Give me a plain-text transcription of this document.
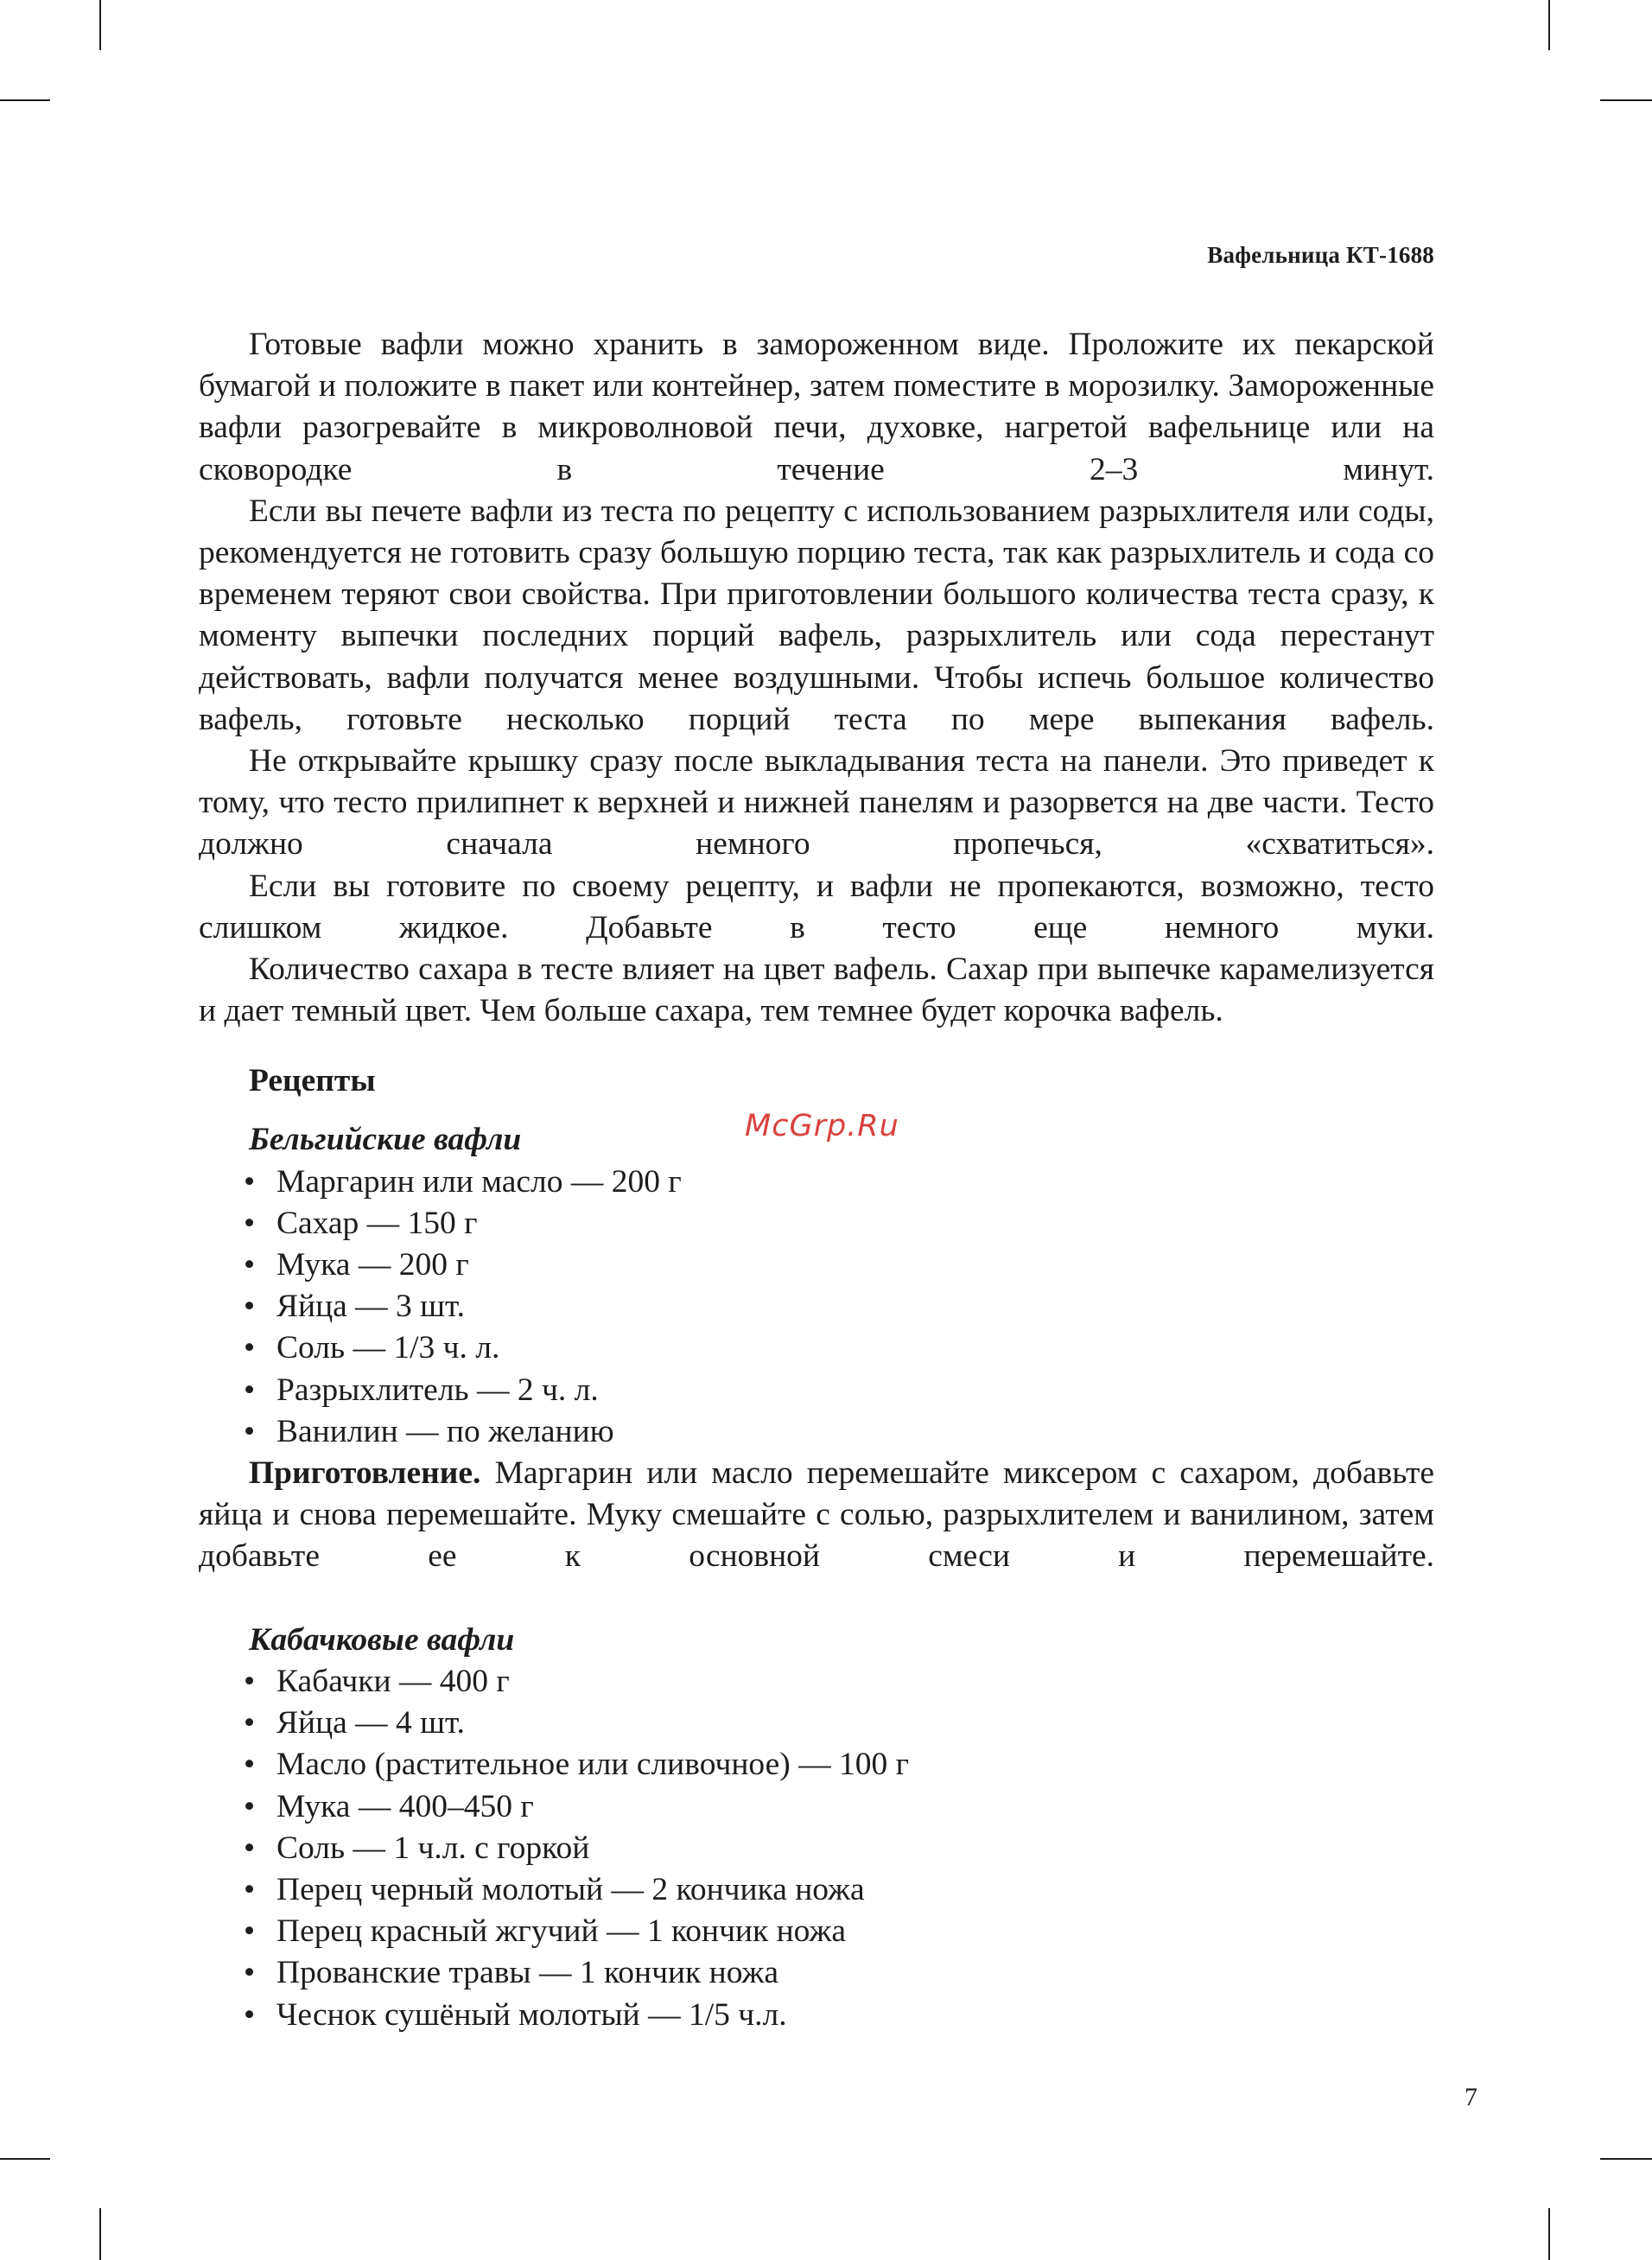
Вафельница КТ-1688
McGrp.Ru

Готовые вафли можно хранить в замороженном виде. Проложите их пекарской бумагой и положите в пакет или контейнер, затем поместите в морозилку. Замороженные вафли разогревайте в микроволновой печи, духовке, нагретой вафельнице или на сковородке в течение 2–3 минут.

Если вы печете вафли из теста по рецепту с использованием разрыхлителя или соды, рекомендуется не готовить сразу большую порцию теста, так как разрыхлитель и сода со временем теряют свои свойства. При приготовлении большого количества теста сразу, к моменту выпечки последних порций вафель, разрыхлитель или сода перестанут действовать, вафли получатся менее воздушными. Чтобы испечь большое количество вафель, готовьте несколько порций теста по мере выпекания вафель.

Не открывайте крышку сразу после выкладывания теста на панели. Это приведет к тому, что тесто прилипнет к верхней и нижней панелям и разорвется на две части. Тесто должно сначала немного пропечься, «схватиться».

Если вы готовите по своему рецепту, и вафли не пропекаются, возможно, тесто слишком жидкое. Добавьте в тесто еще немного муки.

Количество сахара в тесте влияет на цвет вафель. Сахар при выпечке карамелизуется и дает темный цвет. Чем больше сахара, тем темнее будет корочка вафель.

Рецепты
Бельгийские вафли
• Маргарин или масло — 200 г
• Сахар — 150 г
• Мука — 200 г
• Яйца — 3 шт.
• Соль — 1/3 ч. л.
• Разрыхлитель — 2 ч. л.
• Ванилин — по желанию

Приготовление. Маргарин или масло перемешайте миксером с сахаром, добавьте яйца и снова перемешайте. Муку смешайте с солью, разрыхлителем и ванилином, затем добавьте ее к основной смеси и перемешайте.

Кабачковые вафли
• Кабачки — 400 г
• Яйца — 4 шт.
• Масло (растительное или сливочное) — 100 г
• Мука — 400–450 г
• Соль — 1 ч.л. с горкой
• Перец черный молотый — 2 кончика ножа
• Перец красный жгучий — 1 кончик ножа
• Прованские травы — 1 кончик ножа
• Чеснок сушёный молотый — 1/5 ч.л.
7
